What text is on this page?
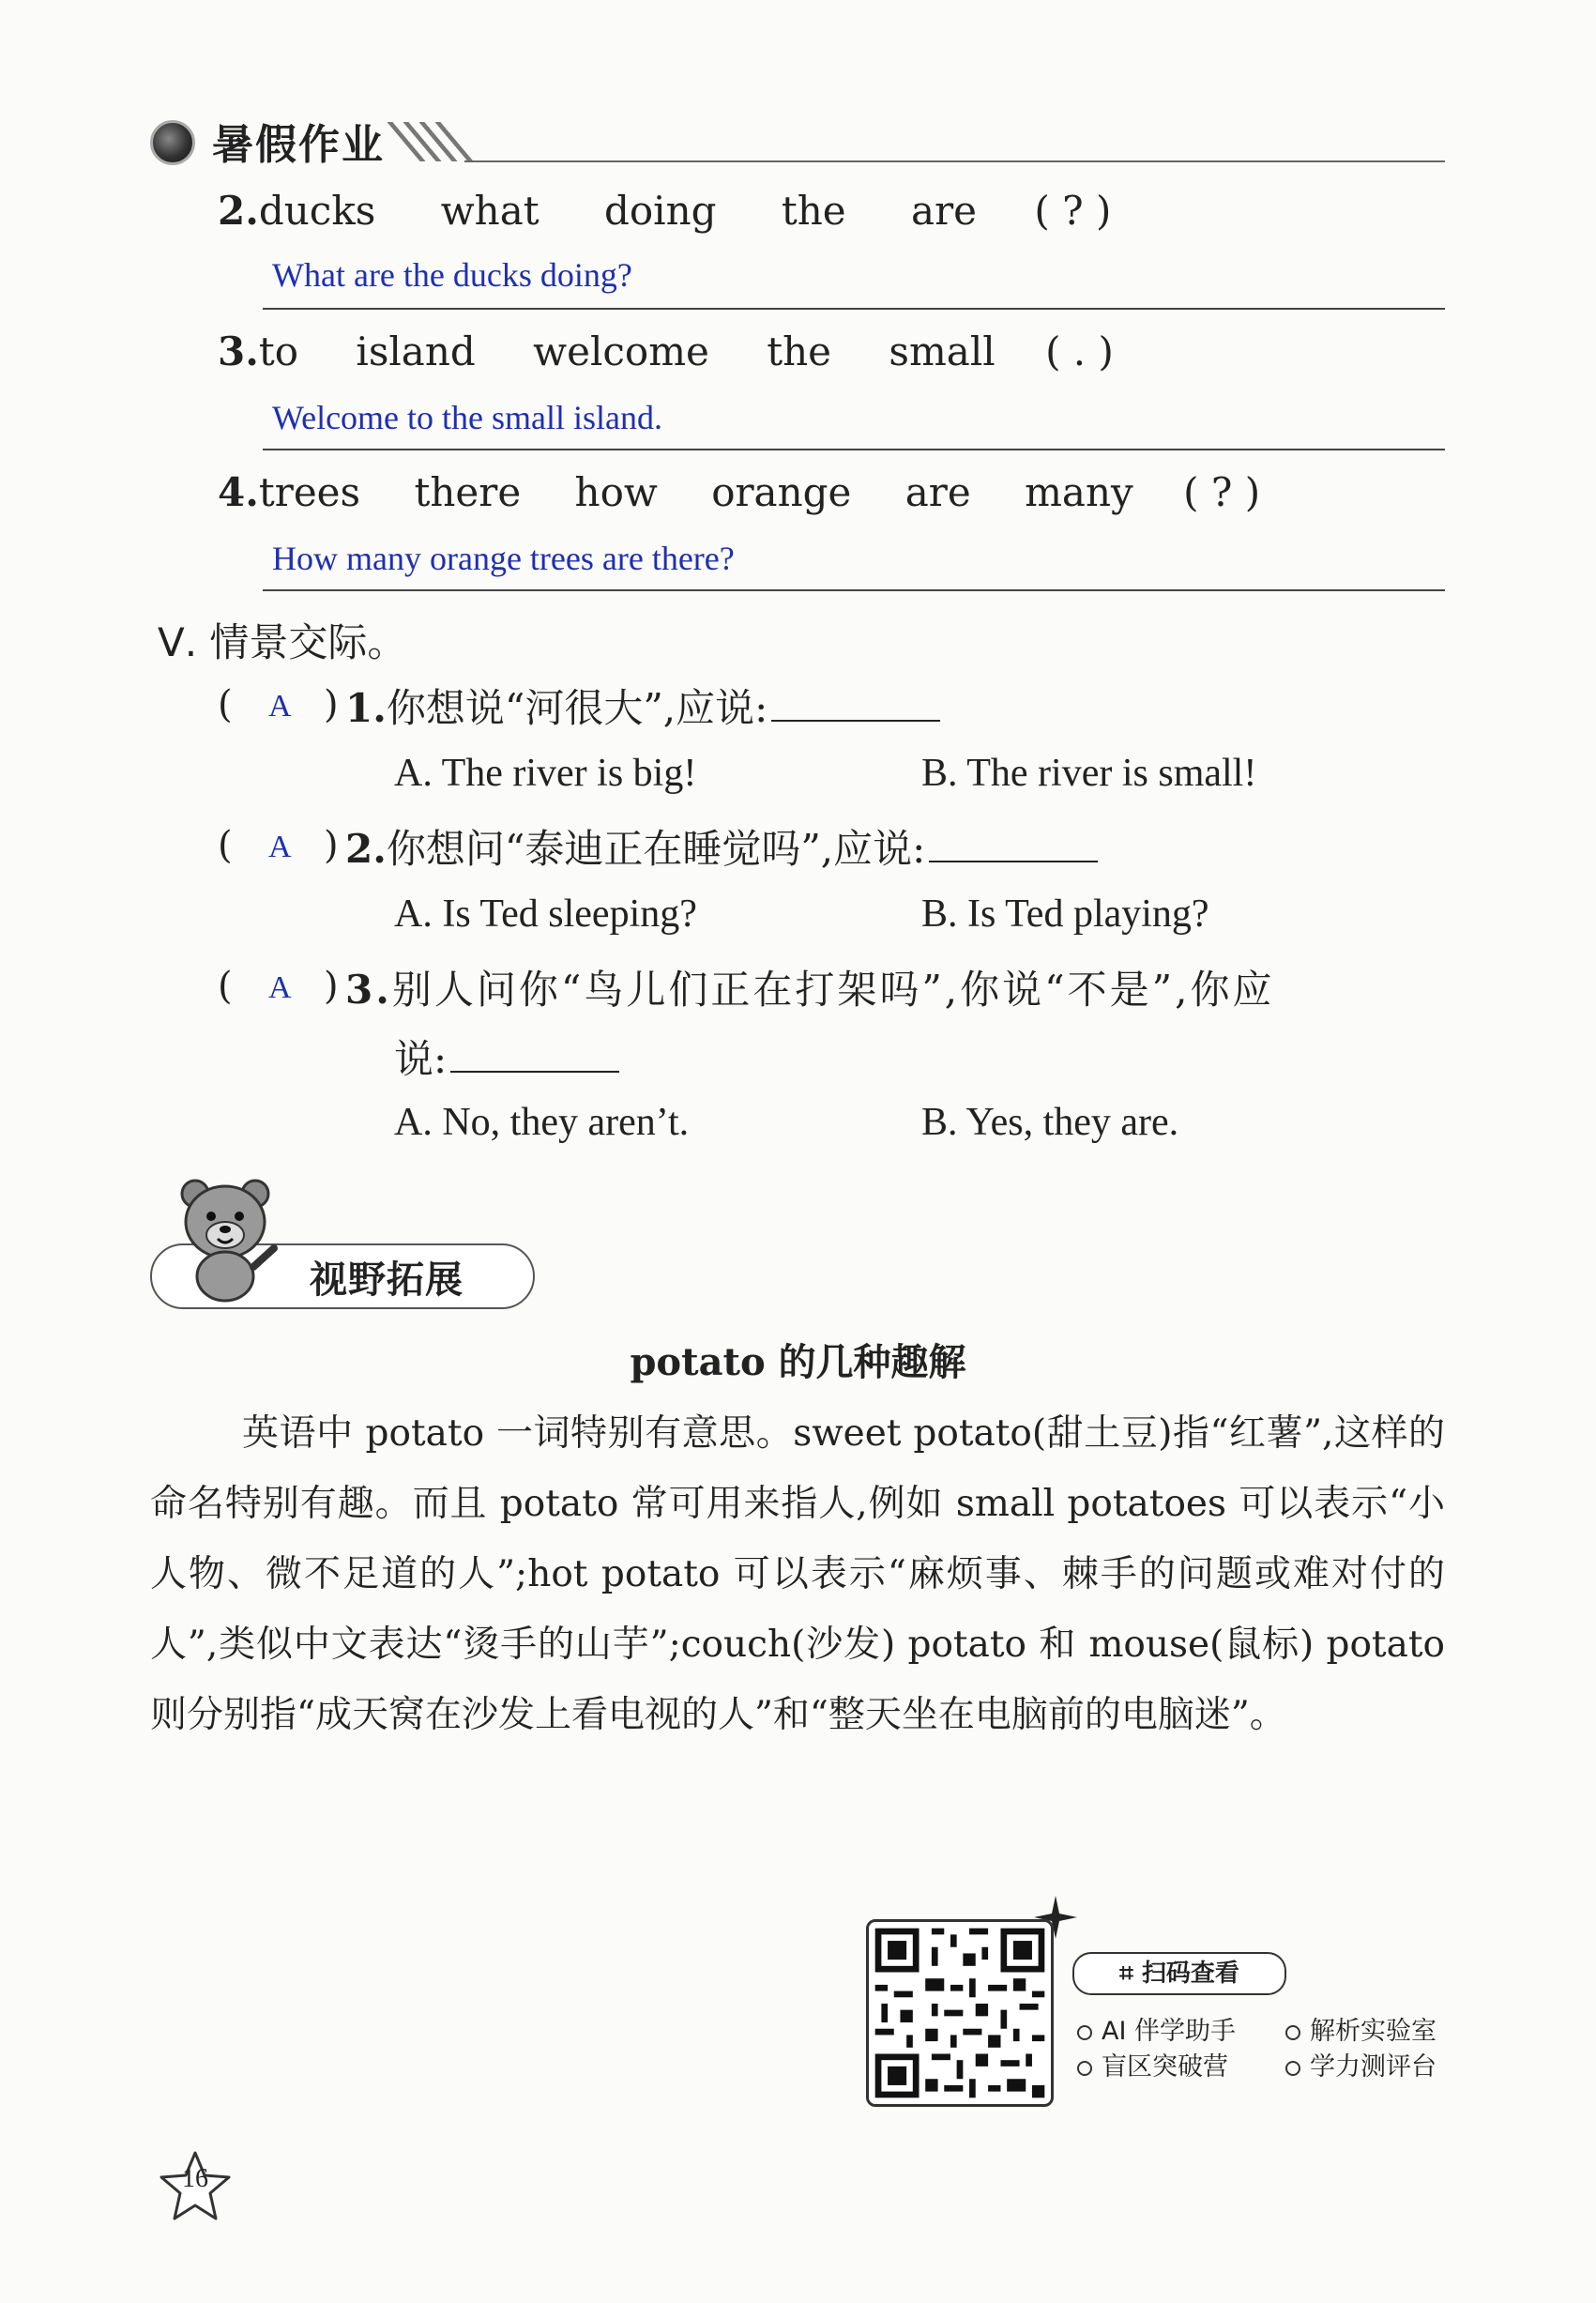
暑假作业
2.ducks what doing the are ( ? )
What are the ducks doing?
3.to island welcome the small ( . )
Welcome to the small island.
4.trees there how orange are many ( ? )
How many orange trees are there?
Ⅴ. 情景交际。
( A ) 1.你想说“河很大”,应说:
A. The river is big!	B. The river is small!
( A ) 2.你想问“泰迪正在睡觉吗”,应说:
A. Is Ted sleeping?	B. Is Ted playing?
( A ) 3.别人问你“鸟儿们正在打架吗”,你说“不是”,你应
说:
A. No, they aren’t.	B. Yes, they are.
视野拓展
potato 的几种趣解
英语中 potato 一词特别有意思。sweet potato(甜土豆)指“红薯”,这样的命名特别有趣。而且 potato 常可用来指人,例如 small potatoes 可以表示“小人物、微不足道的人”;hot potato 可以表示“麻烦事、棘手的问题或难对付的人”,类似中文表达“烫手的山芋”;couch(沙发) potato 和 mouse(鼠标) potato 则分别指“成天窝在沙发上看电视的人”和“整天坐在电脑前的电脑迷”。
⌗ 扫码查看
AI 伴学助手	解析实验室
盲区突破营	学力测评台
16
